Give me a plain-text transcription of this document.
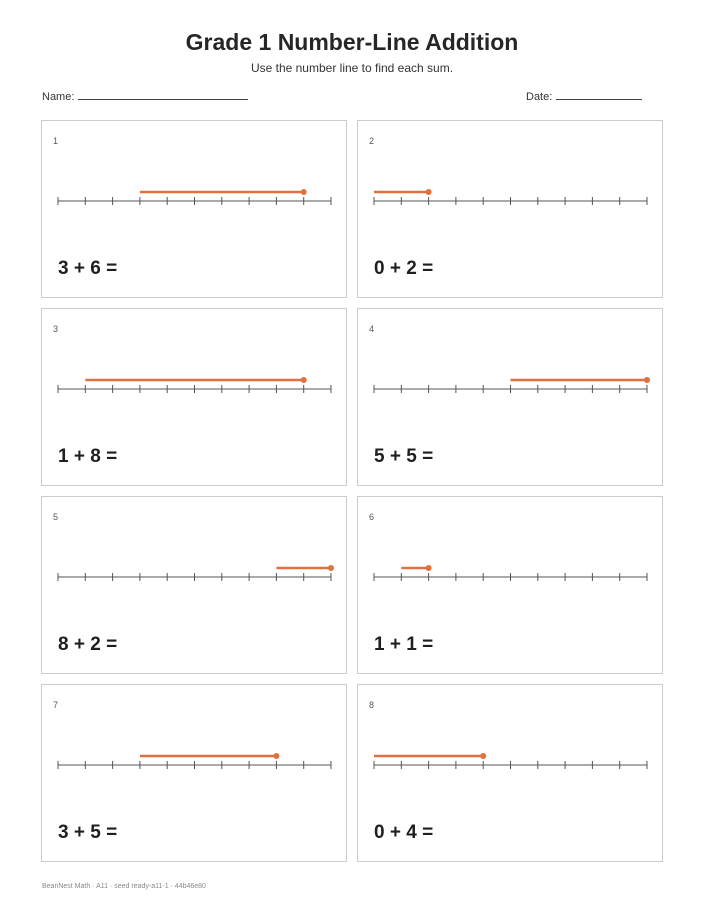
Grade 1 Number-Line Addition
Use the number line to find each sum.
Name:	Date:
1
3 + 6 =
2
0 + 2 =
3
1 + 8 =
4
5 + 5 =
5
8 + 2 =
6
1 + 1 =
7
3 + 5 =
8
0 + 4 =
BeanNest Math · A11 · seed ready-a11-1 · 44b46e80
